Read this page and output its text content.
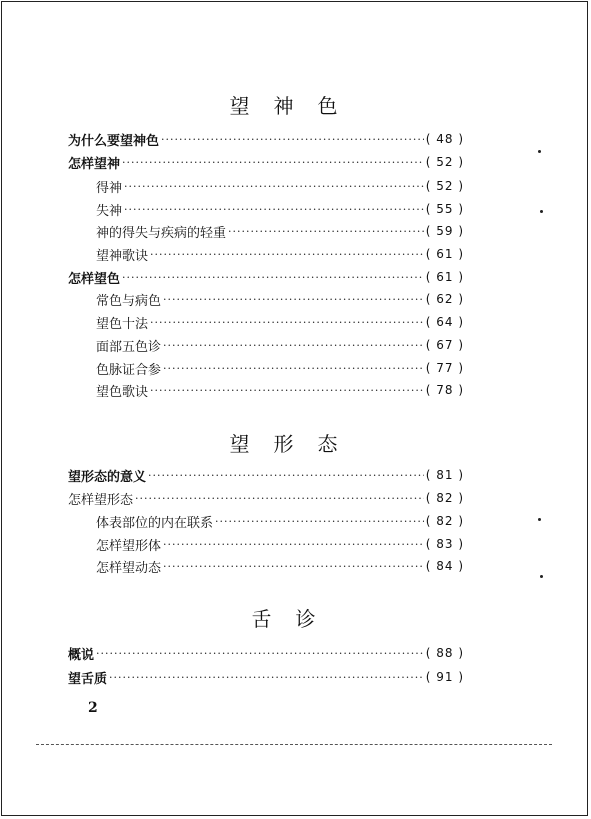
望神色
为什么要望神色 ·····	( 48 )
怎样望神 ·····	( 52 )
得神 ·····	( 52 )
失神 ·····	( 55 )
神的得失与疾病的轻重 ·····	( 59 )
望神歌诀 ·····	( 61 )
怎样望色 ·····	( 61 )
常色与病色 ·····	( 62 )
望色十法 ·····	( 64 )
面部五色诊 ·····	( 67 )
色脉证合参 ·····	( 77 )
望色歌诀 ·····	( 78 )
望形态
望形态的意义 ·····	( 81 )
怎样望形态 ·····	( 82 )
体表部位的内在联系 ·····	( 82 )
怎样望形体 ·····	( 83 )
怎样望动态 ·····	( 84 )
舌诊
概说 ·····	( 88 )
望舌质 ·····	( 91 )
2
